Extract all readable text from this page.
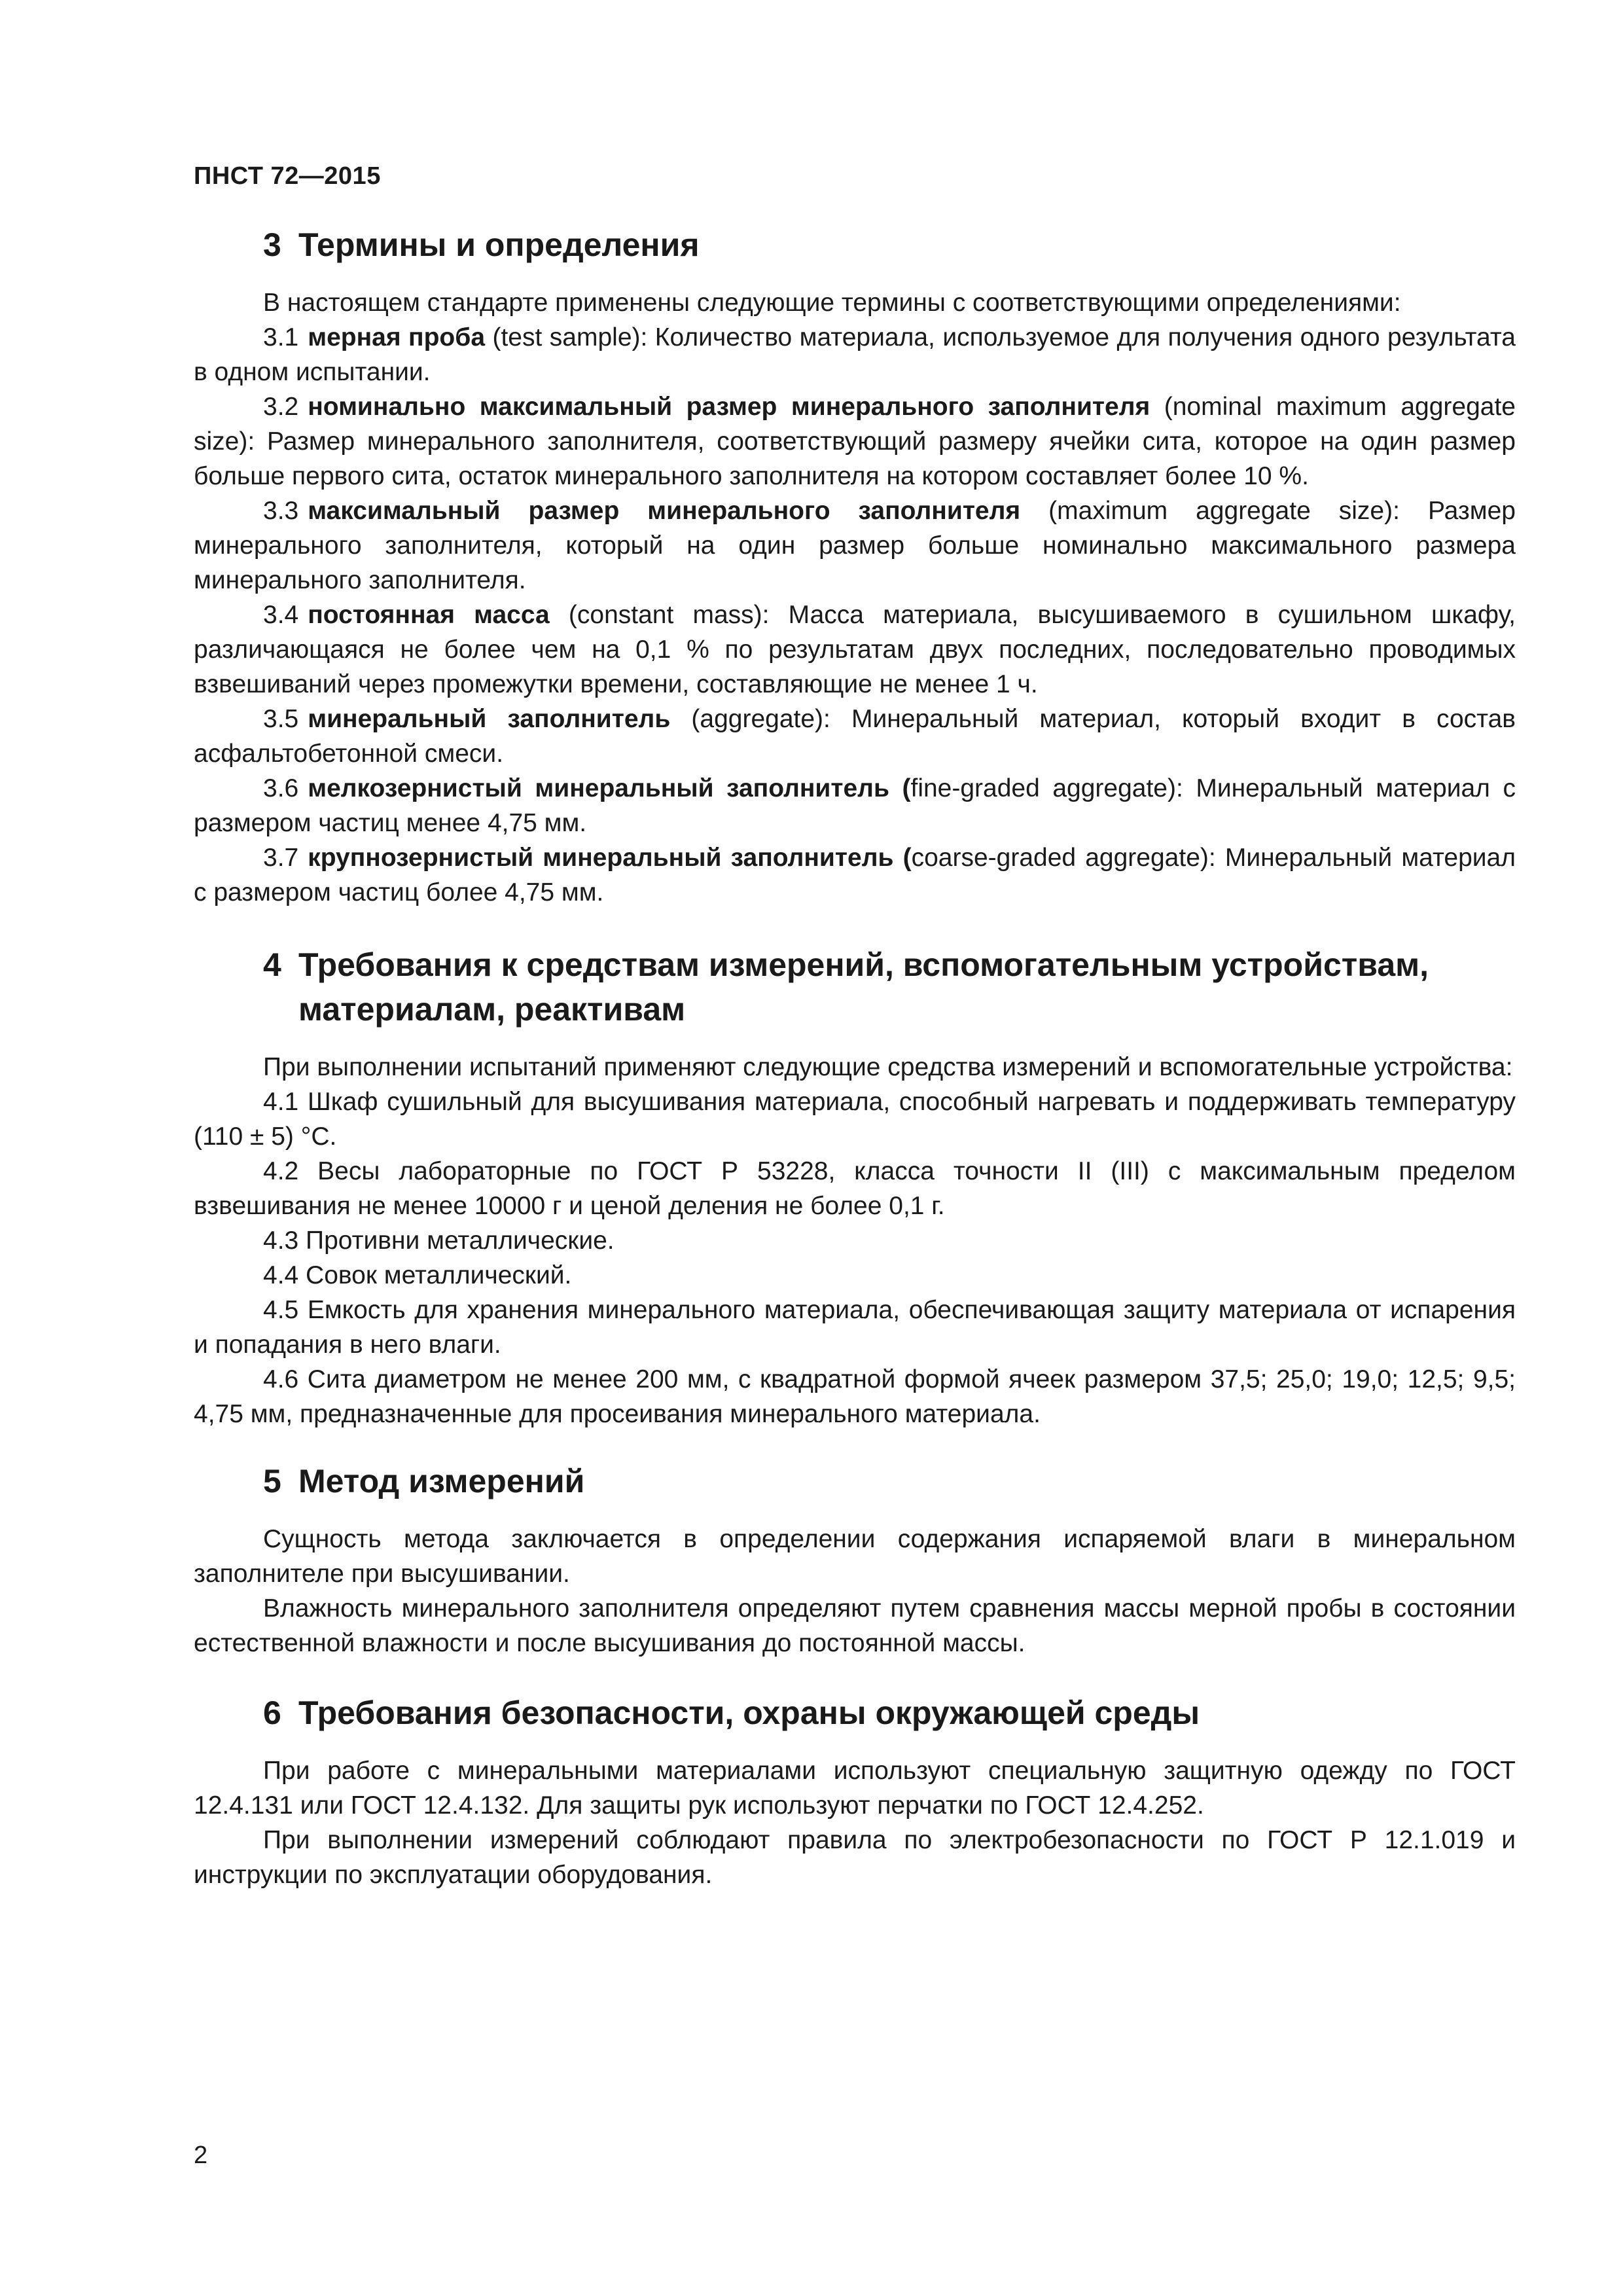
ПНСТ 72—2015
3 Термины и определения

В настоящем стандарте применены следующие термины с соответствующими определениями:

3.1 мерная проба (test sample): Количество материала, используемое для получения одного результата в одном испытании.

3.2 номинально максимальный размер минерального заполнителя (nominal maximum aggregate size): Размер минерального заполнителя, соответствующий размеру ячейки сита, которое на один размер больше первого сита, остаток минерального заполнителя на котором составляет более 10 %.

3.3 максимальный размер минерального заполнителя (maximum aggregate size): Размер минерального заполнителя, который на один размер больше номинально максимального размера минерального заполнителя.

3.4 постоянная масса (constant mass): Масса материала, высушиваемого в сушильном шкафу, различающаяся не более чем на 0,1 % по результатам двух последних, последовательно проводимых взвешиваний через промежутки времени, составляющие не менее 1 ч.

3.5 минеральный заполнитель (aggregate): Минеральный материал, который входит в состав асфальтобетонной смеси.

3.6 мелкозернистый минеральный заполнитель (fine-graded aggregate): Минеральный материал с размером частиц менее 4,75 мм.

3.7 крупнозернистый минеральный заполнитель (coarse-graded aggregate): Минеральный материал с размером частиц более 4,75 мм.

4 Требования к средствам измерений, вспомогательным устройствам, материалам, реактивам

При выполнении испытаний применяют следующие средства измерений и вспомогательные устройства:

4.1 Шкаф сушильный для высушивания материала, способный нагревать и поддерживать температуру (110 ± 5) °С.

4.2 Весы лабораторные по ГОСТ Р 53228, класса точности II (III) с максимальным пределом взвешивания не менее 10000 г и ценой деления не более 0,1 г.

4.3 Противни металлические.

4.4 Совок металлический.

4.5 Емкость для хранения минерального материала, обеспечивающая защиту материала от испарения и попадания в него влаги.

4.6 Сита диаметром не менее 200 мм, с квадратной формой ячеек размером 37,5; 25,0; 19,0; 12,5; 9,5; 4,75 мм, предназначенные для просеивания минерального материала.

5 Метод измерений

Сущность метода заключается в определении содержания испаряемой влаги в минеральном заполнителе при высушивании.

Влажность минерального заполнителя определяют путем сравнения массы мерной пробы в состоянии естественной влажности и после высушивания до постоянной массы.

6 Требования безопасности, охраны окружающей среды

При работе с минеральными материалами используют специальную защитную одежду по ГОСТ 12.4.131 или ГОСТ 12.4.132. Для защиты рук используют перчатки по ГОСТ 12.4.252.

При выполнении измерений соблюдают правила по электробезопасности по ГОСТ Р 12.1.019 и инструкции по эксплуатации оборудования.

2
